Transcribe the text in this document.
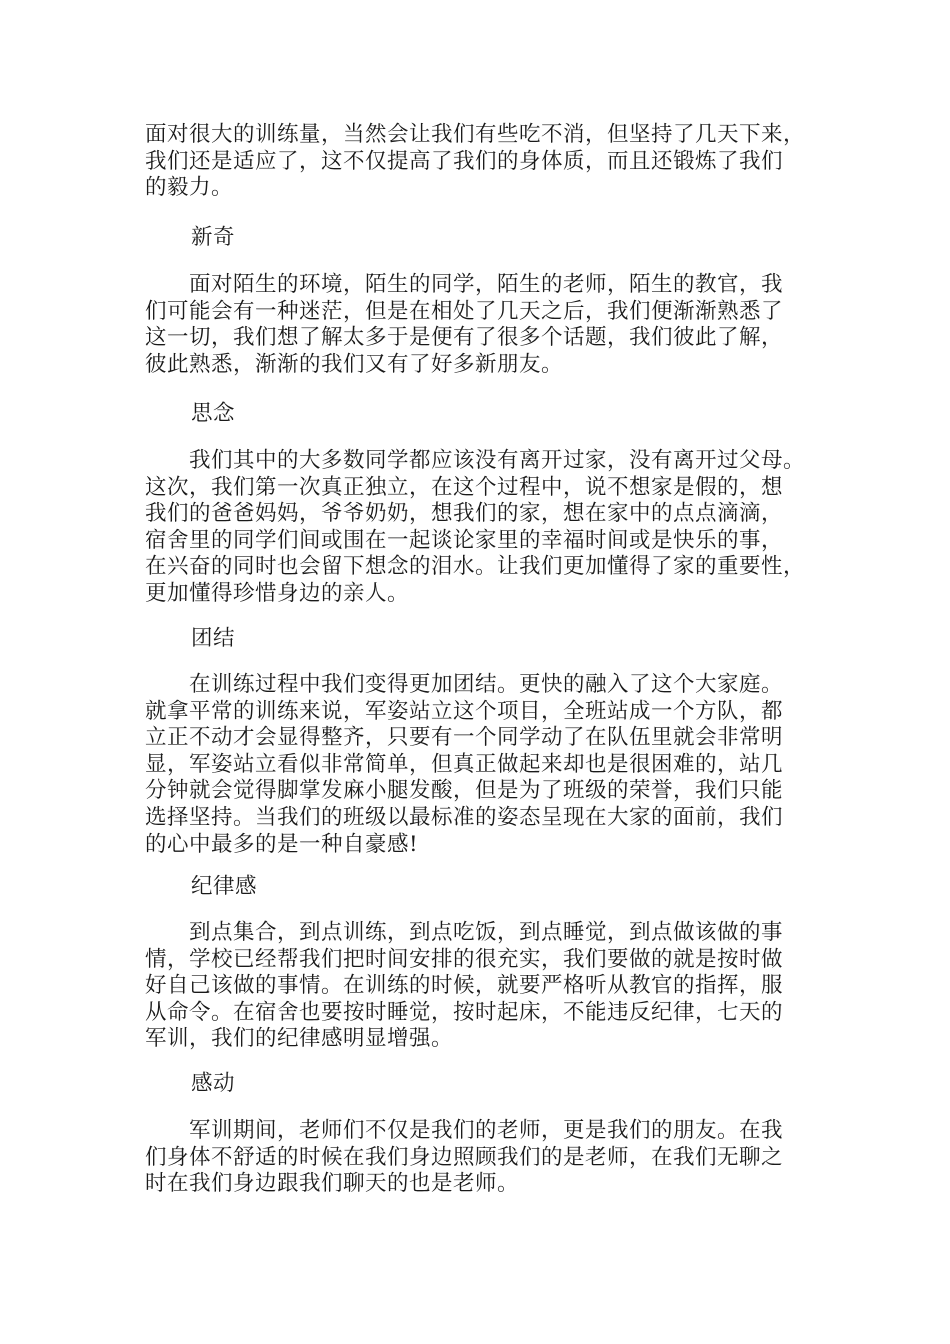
面对很大的训练量，当然会让我们有些吃不消，但坚持了几天下来，
我们还是适应了，这不仅提高了我们的身体质，而且还锻炼了我们
的毅力。
新奇
　　面对陌生的环境，陌生的同学，陌生的老师，陌生的教官，我
们可能会有一种迷茫，但是在相处了几天之后，我们便渐渐熟悉了
这一切，我们想了解太多于是便有了很多个话题，我们彼此了解，
彼此熟悉，渐渐的我们又有了好多新朋友。
思念
　　我们其中的大多数同学都应该没有离开过家，没有离开过父母。
这次，我们第一次真正独立，在这个过程中，说不想家是假的，想
我们的爸爸妈妈，爷爷奶奶，想我们的家，想在家中的点点滴滴，
宿舍里的同学们间或围在一起谈论家里的幸福时间或是快乐的事，
在兴奋的同时也会留下想念的泪水。让我们更加懂得了家的重要性，
更加懂得珍惜身边的亲人。
团结
　　在训练过程中我们变得更加团结。更快的融入了这个大家庭。
就拿平常的训练来说，军姿站立这个项目，全班站成一个方队，都
立正不动才会显得整齐，只要有一个同学动了在队伍里就会非常明
显，军姿站立看似非常简单，但真正做起来却也是很困难的，站几
分钟就会觉得脚掌发麻小腿发酸，但是为了班级的荣誉，我们只能
选择坚持。当我们的班级以最标准的姿态呈现在大家的面前，我们
的心中最多的是一种自豪感!
纪律感
　　到点集合，到点训练，到点吃饭，到点睡觉，到点做该做的事
情，学校已经帮我们把时间安排的很充实，我们要做的就是按时做
好自己该做的事情。在训练的时候，就要严格听从教官的指挥，服
从命令。在宿舍也要按时睡觉，按时起床，不能违反纪律，七天的
军训，我们的纪律感明显增强。
感动
　　军训期间，老师们不仅是我们的老师，更是我们的朋友。在我
们身体不舒适的时候在我们身边照顾我们的是老师，在我们无聊之
时在我们身边跟我们聊天的也是老师。
